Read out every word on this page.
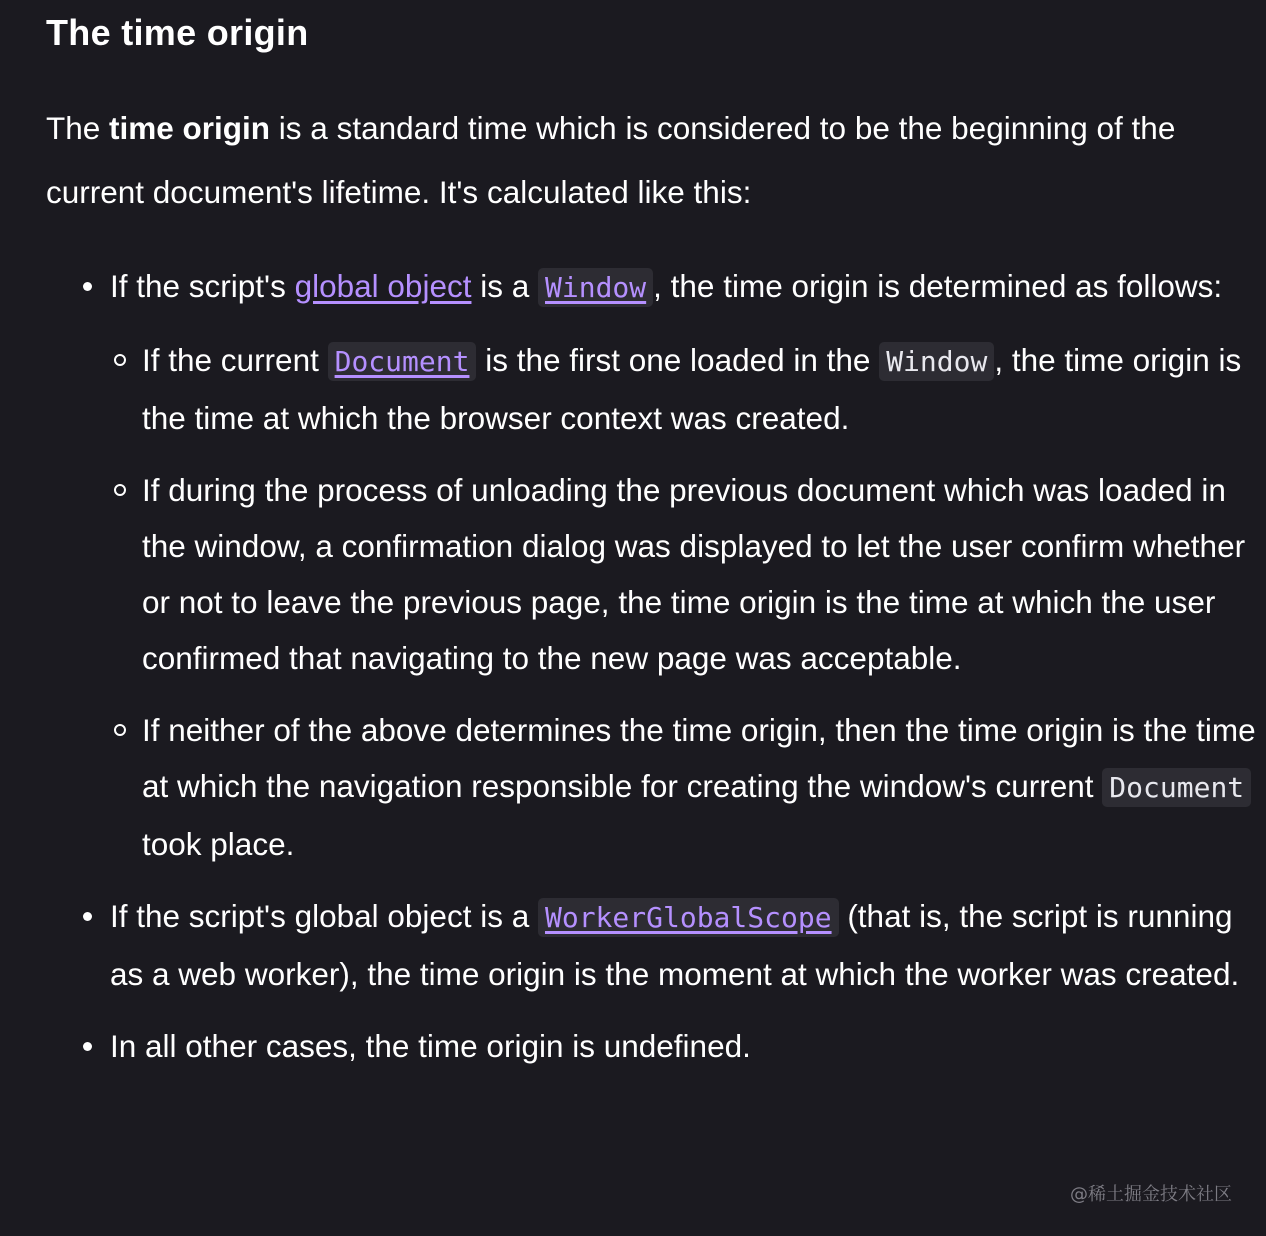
The time origin

The time origin is a standard time which is considered to be the beginning of the current document's lifetime. It's calculated like this:

If the script's global object is a Window , the time origin is determined as follows:
If the current Document is the first one loaded in the Window , the time origin is the time at which the browser context was created.
If during the process of unloading the previous document which was loaded in the window, a confirmation dialog was displayed to let the user confirm whether or not to leave the previous page, the time origin is the time at which the user confirmed that navigating to the new page was acceptable.
If neither of the above determines the time origin, then the time origin is the time at which the navigation responsible for creating the window's current Document took place.
If the script's global object is a WorkerGlobalScope (that is, the script is running as a web worker), the time origin is the moment at which the worker was created.
In all other cases, the time origin is undefined.
@稀土掘金技术社区
